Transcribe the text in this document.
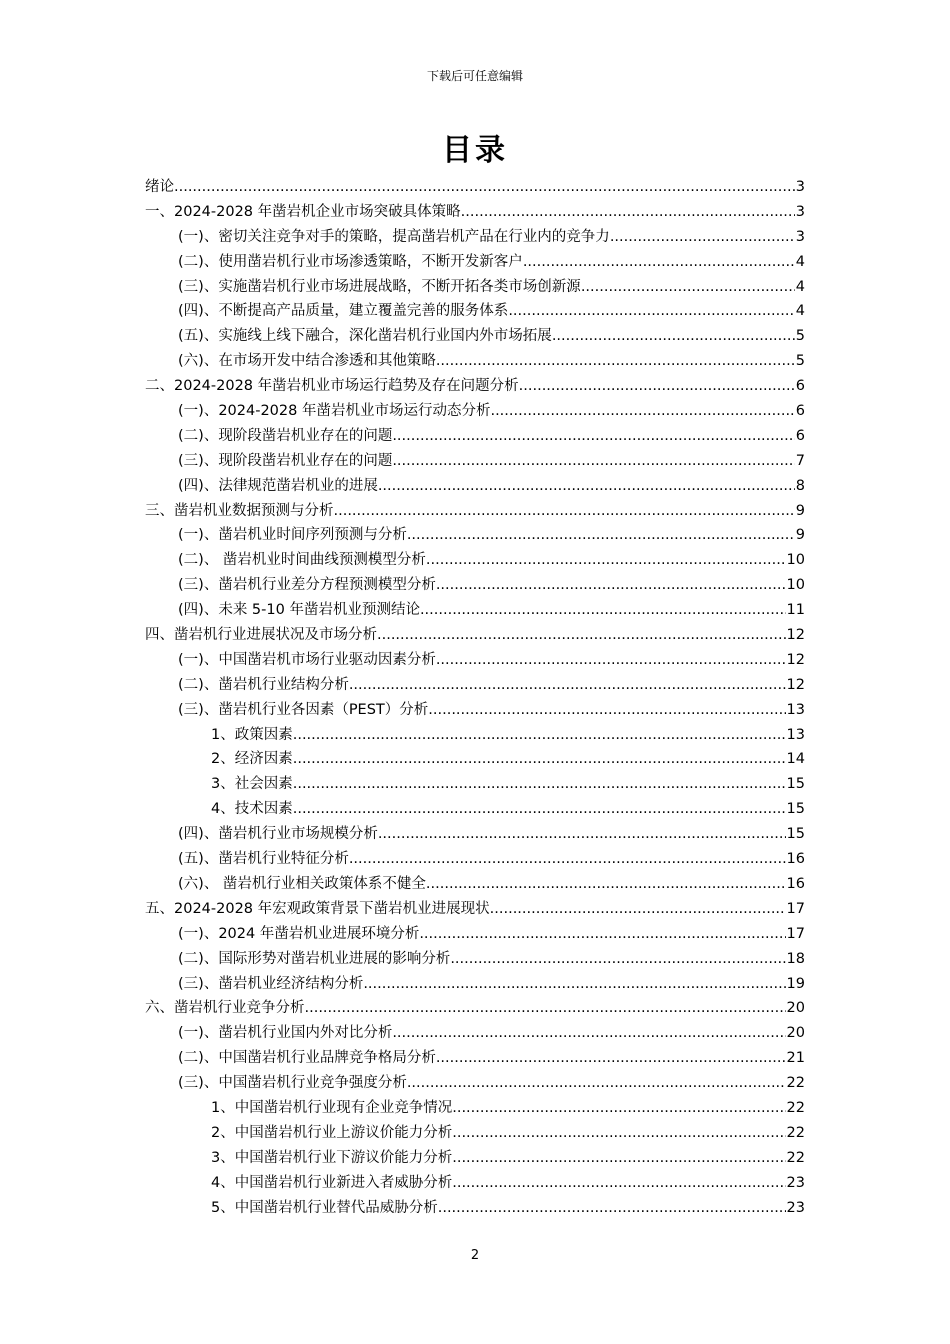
下载后可任意编辑
目录
绪论 .....	3
一、2024-2028 年凿岩机企业市场突破具体策略 .....	3
(一)、密切关注竞争对手的策略，提高凿岩机产品在行业内的竞争力 .....	3
(二)、使用凿岩机行业市场渗透策略，不断开发新客户 .....	4
(三)、实施凿岩机行业市场进展战略，不断开拓各类市场创新源 .....	4
(四)、不断提高产品质量，建立覆盖完善的服务体系 .....	4
(五)、实施线上线下融合，深化凿岩机行业国内外市场拓展 .....	5
(六)、在市场开发中结合渗透和其他策略 .....	5
二、2024-2028 年凿岩机业市场运行趋势及存在问题分析 .....	6
(一)、2024-2028 年凿岩机业市场运行动态分析 .....	6
(二)、现阶段凿岩机业存在的问题 .....	6
(三)、现阶段凿岩机业存在的问题 .....	7
(四)、法律规范凿岩机业的进展 .....	8
三、凿岩机业数据预测与分析 .....	9
(一)、凿岩机业时间序列预测与分析 .....	9
(二)、 凿岩机业时间曲线预测模型分析 .....	10
(三)、凿岩机行业差分方程预测模型分析 .....	10
(四)、未来 5-10 年凿岩机业预测结论 .....	11
四、凿岩机行业进展状况及市场分析 .....	12
(一)、中国凿岩机市场行业驱动因素分析 .....	12
(二)、凿岩机行业结构分析 .....	12
(三)、凿岩机行业各因素（PEST）分析 .....	13
1、政策因素 .....	13
2、经济因素 .....	14
3、社会因素 .....	15
4、技术因素 .....	15
(四)、凿岩机行业市场规模分析 .....	15
(五)、凿岩机行业特征分析 .....	16
(六)、 凿岩机行业相关政策体系不健全 .....	16
五、2024-2028 年宏观政策背景下凿岩机业进展现状 .....	17
(一)、2024 年凿岩机业进展环境分析 .....	17
(二)、国际形势对凿岩机业进展的影响分析 .....	18
(三)、凿岩机业经济结构分析 .....	19
六、凿岩机行业竞争分析 .....	20
(一)、凿岩机行业国内外对比分析 .....	20
(二)、中国凿岩机行业品牌竞争格局分析 .....	21
(三)、中国凿岩机行业竞争强度分析 .....	22
1、中国凿岩机行业现有企业竞争情况 .....	22
2、中国凿岩机行业上游议价能力分析 .....	22
3、中国凿岩机行业下游议价能力分析 .....	22
4、中国凿岩机行业新进入者威胁分析 .....	23
5、中国凿岩机行业替代品威胁分析 .....	23
2
